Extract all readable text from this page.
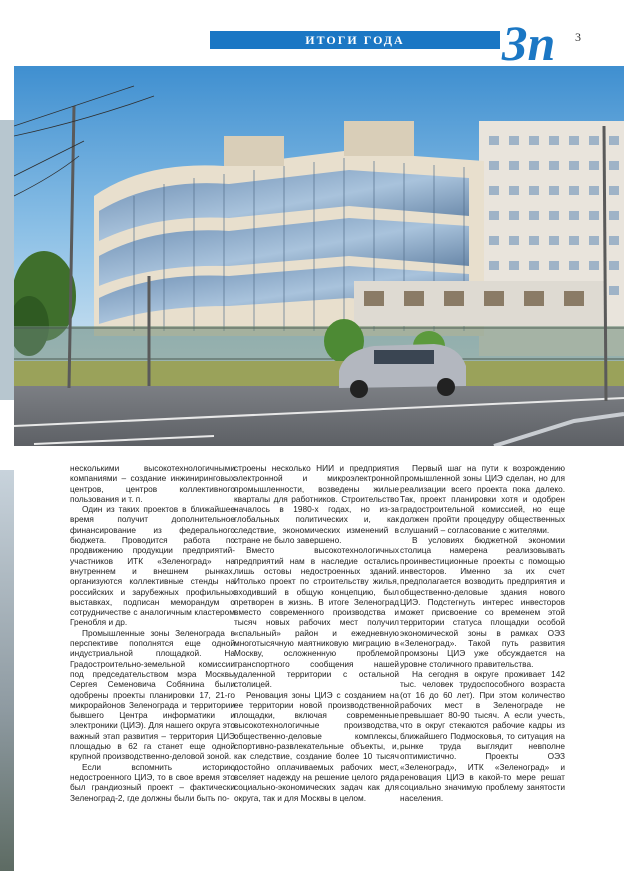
ИТОГИ ГОДА	Зп 3

несколькими высокотехнологичными компаниями – создание инжиниринговых центров, центров коллективного пользования и т. п.

Один из таких проектов в ближайшее время получит дополнительное финансирование из федерального бюджета. Проводится работа по продвижению продукции предприятий-участников ИТК «Зеленоград» на внутреннем и внешнем рынках, организуются коллективные стенды на российских и зарубежных профильных выставках, подписан меморандум о сотрудничестве с аналогичным кластером Гренобля и др.

Промышленные зоны Зеленограда в перспективе пополнятся еще одной индустриальной площадкой. На Градостроительно-земельной комиссии под председательством мэра Москвы Сергея Семеновича Собянина были одобрены проекты планировки 17, 21-го микрорайонов Зеленограда и территории бывшего Центра информатики и электроники (ЦИЭ). Для нашего округа это важный этап развития – территория ЦИЭ площадью в 62 га станет еще одной крупной производственно-деловой зоной.

Если вспомнить историю недостроенного ЦИЭ, то в свое время это был грандиозный проект – фактически Зеленоград-2, где должны были быть по-

строены несколько НИИ и предприятия электронной и микроэлектронной промышленности, возведены жилые кварталы для работников. Строительство началось в 1980-х годах, но из-за глобальных политических и, как следствие, экономических изменений в стране не было завершено.

Вместо высокотехнологичных предприятий нам в наследие остались лишь остовы недостроенных зданий. Итолько проект по строительству жилья, входивший в общую концепцию, был претворен в жизнь. В итоге Зеленоград вместо современного производства и тысяч новых рабочих мест получил «спальный» район и ежедневную многотысячную маятниковую миграцию в Москву, осложненную проблемой транспортного сообщения нашей удаленной территории с остальной столицей.

Реновация зоны ЦИЭ с созданием на ее территории новой производственной площадки, включая современные высокотехнологичные производства, общественно-деловые комплексы, спортивно-развлекательные объекты, и, как следствие, создание более 10 тысяч достойно оплачиваемых рабочих мест, вселяет надежду на решение целого ряда социально-экономических задач как для округа, так и для Москвы в целом.

Первый шаг на пути к возрождению промышленной зоны ЦИЭ сделан, но для реализации всего проекта пока далеко. Так, проект планировки хотя и одобрен градостроительной комиссией, но еще должен пройти процедуру общественных слушаний – согласование с жителями.

В условиях бюджетной экономии столица намерена реализовывать проинвестиционные проекты с помощью инвесторов. Именно за их счет предполагается возводить предприятия и общественно-деловые здания нового ЦИЭ. Подстегнуть интерес инвесторов может присвоение со временем этой территории статуса площадки особой экономической зоны в рамках ОЭЗ «Зеленоград». Такой путь развития промзоны ЦИЭ уже обсуждается на уровне столичного правительства.

На сегодня в округе проживает 142 тыс. человек трудоспособного возраста (от 16 до 60 лет). При этом количество рабочих мест в Зеленограде не превышает 80-90 тысяч. А если учесть, что в округ стекаются рабочие кадры из ближайшего Подмосковья, то ситуация на рынке труда выглядит невполне оптимистично. Проекты ОЭЗ «Зеленоград», ИТК «Зеленоград» и реновация ЦИЭ в какой-то мере решат социально значимую проблему занятости населения.
